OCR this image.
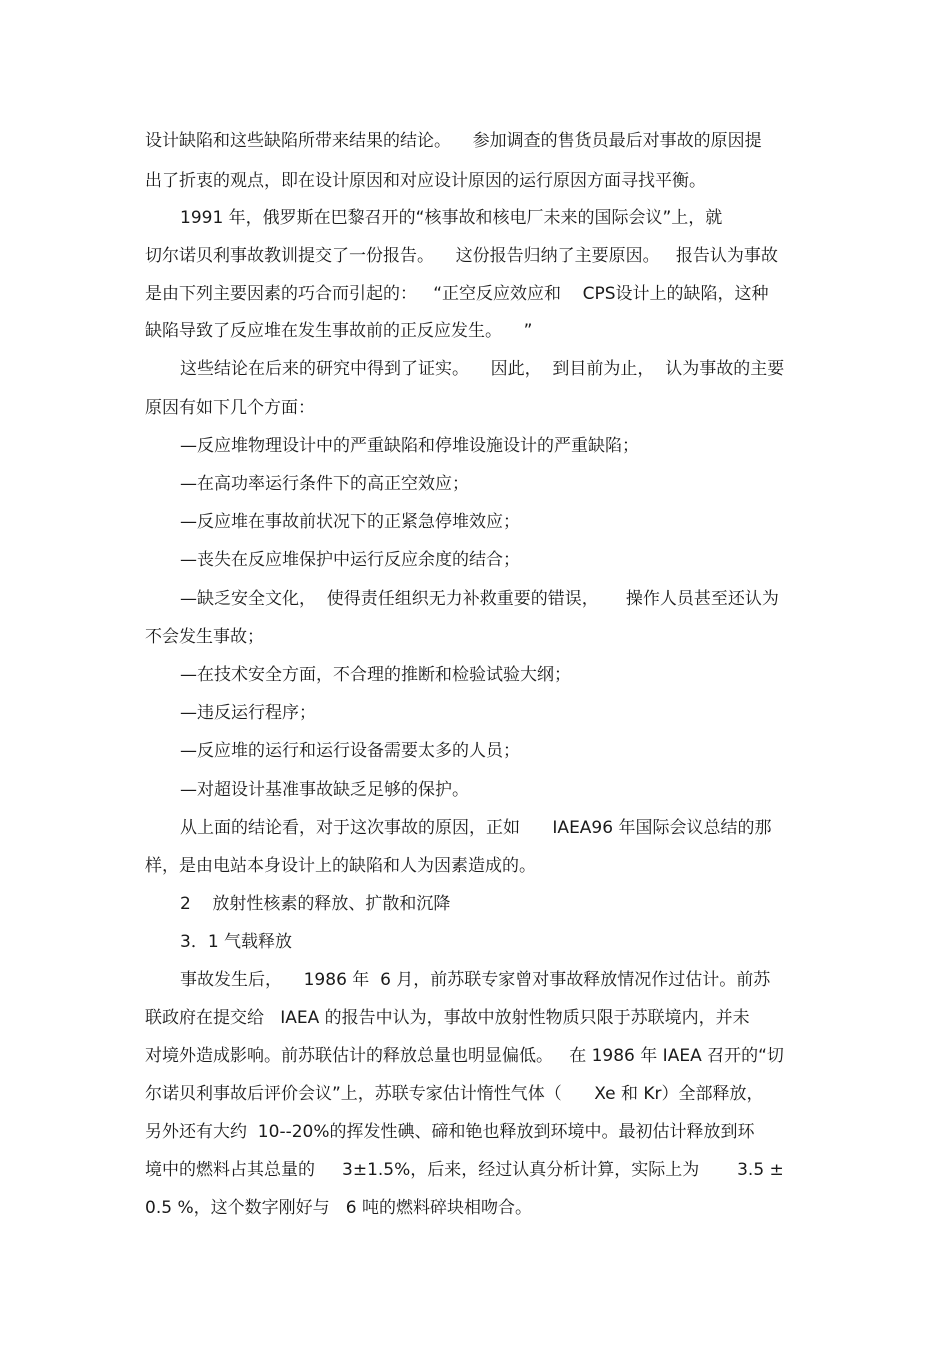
设计缺陷和这些缺陷所带来结果的结论。    参加调查的售货员最后对事故的原因提
出了折衷的观点，即在设计原因和对应设计原因的运行原因方面寻找平衡。
1991 年，俄罗斯在巴黎召开的“核事故和核电厂未来的国际会议”上，就
切尔诺贝利事故教训提交了一份报告。    这份报告归纳了主要原因。   报告认为事故
是由下列主要因素的巧合而引起的：   “正空反应效应和    CPS设计上的缺陷，这种
缺陷导致了反应堆在发生事故前的正反应发生。    ”
这些结论在后来的研究中得到了证实。    因此，  到目前为止，  认为事故的主要
原因有如下几个方面：
—反应堆物理设计中的严重缺陷和停堆设施设计的严重缺陷；
—在高功率运行条件下的高正空效应；
—反应堆在事故前状况下的正紧急停堆效应；
—丧失在反应堆保护中运行反应余度的结合；
—缺乏安全文化，  使得责任组织无力补救重要的错误，     操作人员甚至还认为
不会发生事故；
—在技术安全方面，不合理的推断和检验试验大纲；
—违反运行程序；
—反应堆的运行和运行设备需要太多的人员；
—对超设计基准事故缺乏足够的保护。
从上面的结论看，对于这次事故的原因，正如      IAEA96 年国际会议总结的那
样，是由电站本身设计上的缺陷和人为因素造成的。
2    放射性核素的释放、扩散和沉降
3．1 气载释放
事故发生后，    1986 年  6 月，前苏联专家曾对事故释放情况作过估计。前苏
联政府在提交给   IAEA 的报告中认为，事故中放射性物质只限于苏联境内，并未
对境外造成影响。前苏联估计的释放总量也明显偏低。   在 1986 年 IAEA 召开的“切
尔诺贝利事故后评价会议”上，苏联专家估计惰性气体（      Xe 和 Kr）全部释放，
另外还有大约  10--20%的挥发性碘、碲和铯也释放到环境中。最初估计释放到环
境中的燃料占其总量的     3±1.5%，后来，经过认真分析计算，实际上为       3.5 ±
0.5 %，这个数字刚好与   6 吨的燃料碎块相吻合。
